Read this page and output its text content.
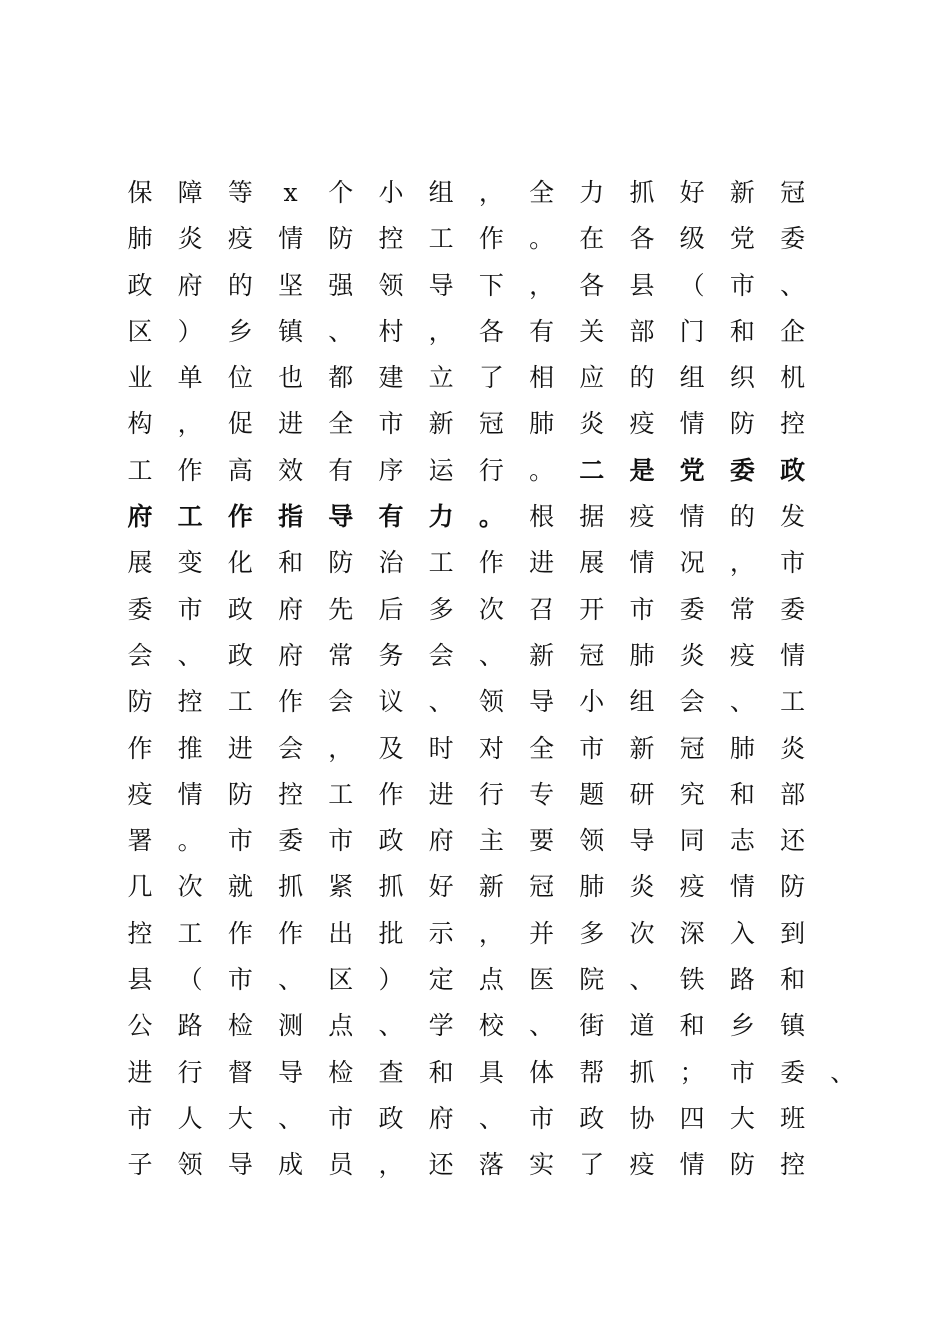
保	障	等	x	个	小	组	，	全	力	抓	好	新	冠
肺	炎	疫	情	防	控	工	作	。	在	各	级	党	委
政	府	的	坚	强	领	导	下	，	各	县	（	市	、
区	）	乡	镇	、	村	，	各	有	关	部	门	和	企
业	单	位	也	都	建	立	了	相	应	的	组	织	机
构	，	促	进	全	市	新	冠	肺	炎	疫	情	防	控
工	作	高	效	有	序	运	行	。	二	是	党	委	政
府	工	作	指	导	有	力	。	根	据	疫	情	的	发
展	变	化	和	防	治	工	作	进	展	情	况	，	市
委	市	政	府	先	后	多	次	召	开	市	委	常	委
会	、	政	府	常	务	会	、	新	冠	肺	炎	疫	情
防	控	工	作	会	议	、	领	导	小	组	会	、	工
作	推	进	会	，	及	时	对	全	市	新	冠	肺	炎
疫	情	防	控	工	作	进	行	专	题	研	究	和	部
署	。	市	委	市	政	府	主	要	领	导	同	志	还
几	次	就	抓	紧	抓	好	新	冠	肺	炎	疫	情	防
控	工	作	作	出	批	示	，	并	多	次	深	入	到
县	（	市	、	区	）	定	点	医	院	、	铁	路	和
公	路	检	测	点	、	学	校	、	街	道	和	乡	镇
进	行	督	导	检	查	和	具	体	帮	抓	；	市	委	、
市	人	大	、	市	政	府	、	市	政	协	四	大	班
子	领	导	成	员	，	还	落	实	了	疫	情	防	控
